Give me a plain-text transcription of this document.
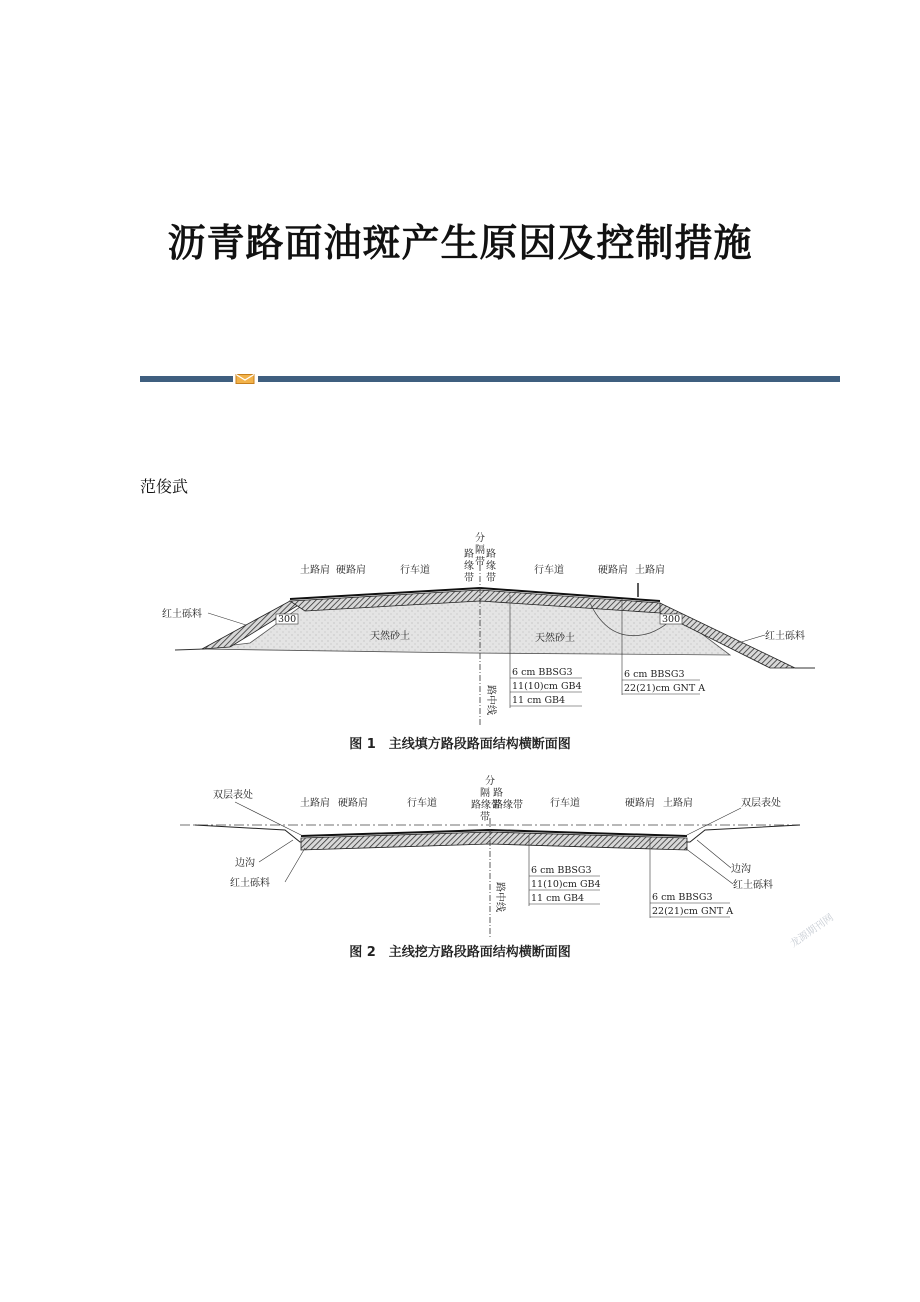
沥青路面油斑产生原因及控制措施
范俊武
300	300
土路肩 硬路肩	行车道
分
隔
带
路
缘
带
路
缘
带
行车道	硬路肩 土路肩
红土砾料
红土砾料
天然砂土	天然砂土
6 cm BBSG3
11(10)cm GB4
11 cm GB4
6 cm BBSG3
22(21)cm GNT A
路中线
图 1　主线填方路段路面结构横断面图
双层表处
土路肩 硬路肩	行车道
分
隔 路
路缘带
路缘带
带
行车道	硬路肩 土路肩	双层表处
边沟
红土砾料
边沟
红土砾料
6 cm BBSG3
11(10)cm GB4
11 cm GB4	6 cm BBSG3
22(21)cm GNT A
路中线
图 2　主线挖方路段路面结构横断面图
龙源期刊网
